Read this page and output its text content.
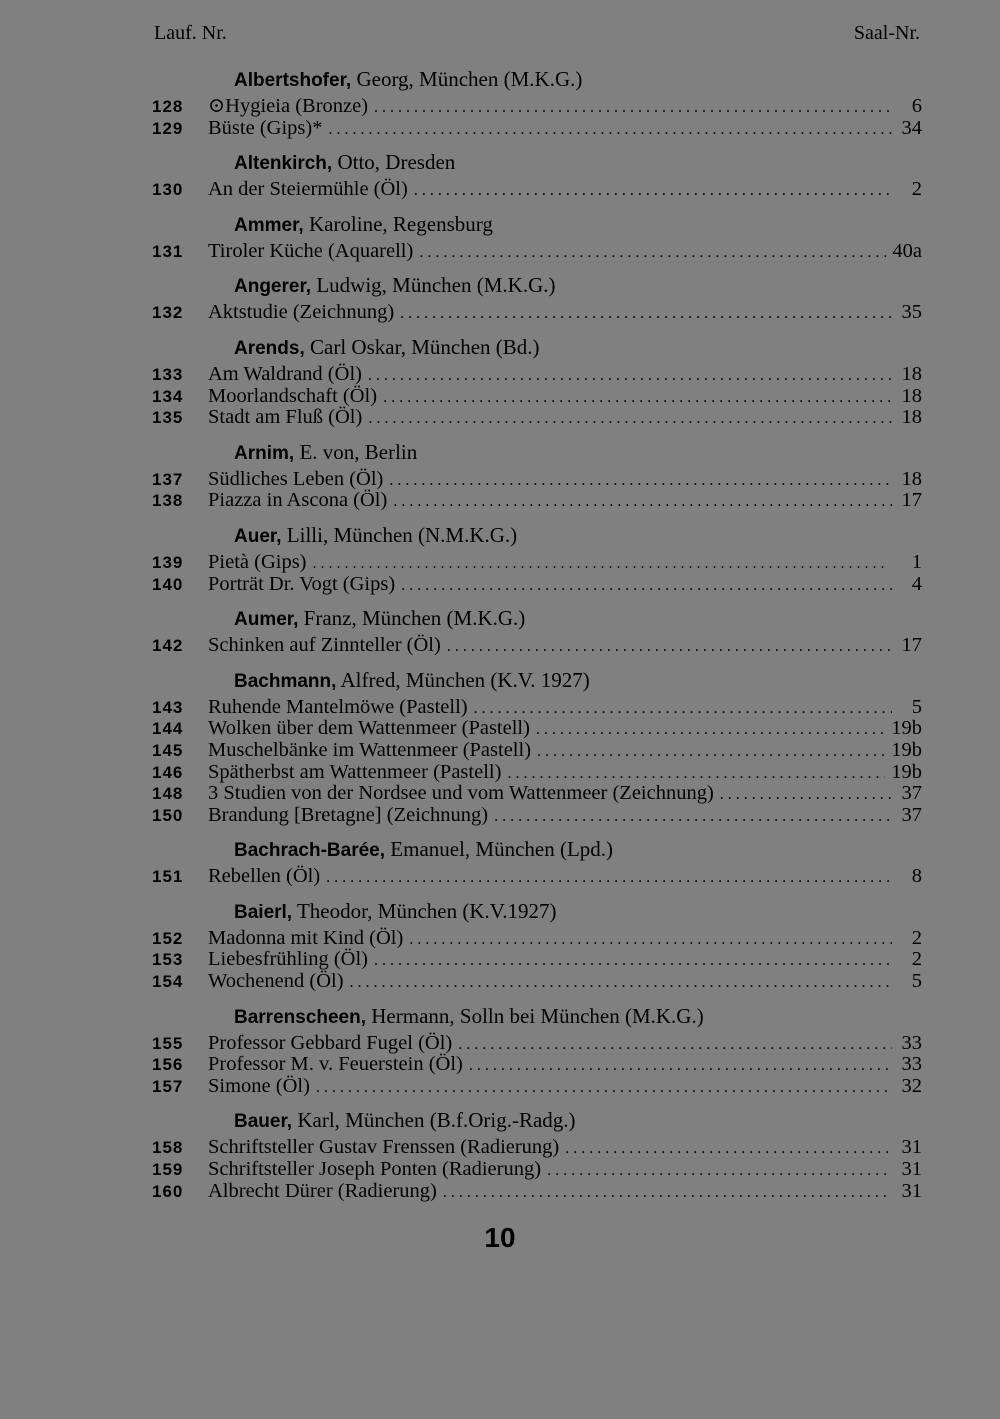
Lauf. Nr.	Saal-Nr.
Albertshofer, Georg, München (M.K.G.)
128	⊙Hygieia (Bronze) . . .	6
129	Büste (Gips)* . . .	34
Altenkirch, Otto, Dresden
130	An der Steiermühle (Öl) . . .	2
Ammer, Karoline, Regensburg
131	Tiroler Küche (Aquarell) . . .	40a
Angerer, Ludwig, München (M.K.G.)
132	Aktstudie (Zeichnung) . . .	35
Arends, Carl Oskar, München (Bd.)
133	Am Waldrand (Öl) . . .	18
134	Moorlandschaft (Öl) . . .	18
135	Stadt am Fluß (Öl) . . .	18
Arnim, E. von, Berlin
137	Südliches Leben (Öl) . . .	18
138	Piazza in Ascona (Öl) . . .	17
Auer, Lilli, München (N.M.K.G.)
139	Pietà (Gips) . . .	1
140	Porträt Dr. Vogt (Gips) . . .	4
Aumer, Franz, München (M.K.G.)
142	Schinken auf Zinnteller (Öl) . . .	17
Bachmann, Alfred, München (K.V. 1927)
143	Ruhende Mantelmöwe (Pastell) . . .	5
144	Wolken über dem Wattenmeer (Pastell) . . .	19b
145	Muschelbänke im Wattenmeer (Pastell) . . .	19b
146	Spätherbst am Wattenmeer (Pastell) . . .	19b
148	3 Studien von der Nordsee und vom Wattenmeer (Zeichnung) . . .	37
150	Brandung [Bretagne] (Zeichnung) . . .	37
Bachrach-Barée, Emanuel, München (Lpd.)
151	Rebellen (Öl) . . .	8
Baierl, Theodor, München (K.V.1927)
152	Madonna mit Kind (Öl) . . .	2
153	Liebesfrühling (Öl) . . .	2
154	Wochenend (Öl) . . .	5
Barrenscheen, Hermann, Solln bei München (M.K.G.)
155	Professor Gebbard Fugel (Öl) . . .	33
156	Professor M. v. Feuerstein (Öl) . . .	33
157	Simone (Öl) . . .	32
Bauer, Karl, München (B.f.Orig.-Radg.)
158	Schriftsteller Gustav Frenssen (Radierung) . . .	31
159	Schriftsteller Joseph Ponten (Radierung) . . .	31
160	Albrecht Dürer (Radierung) . . .	31
10
